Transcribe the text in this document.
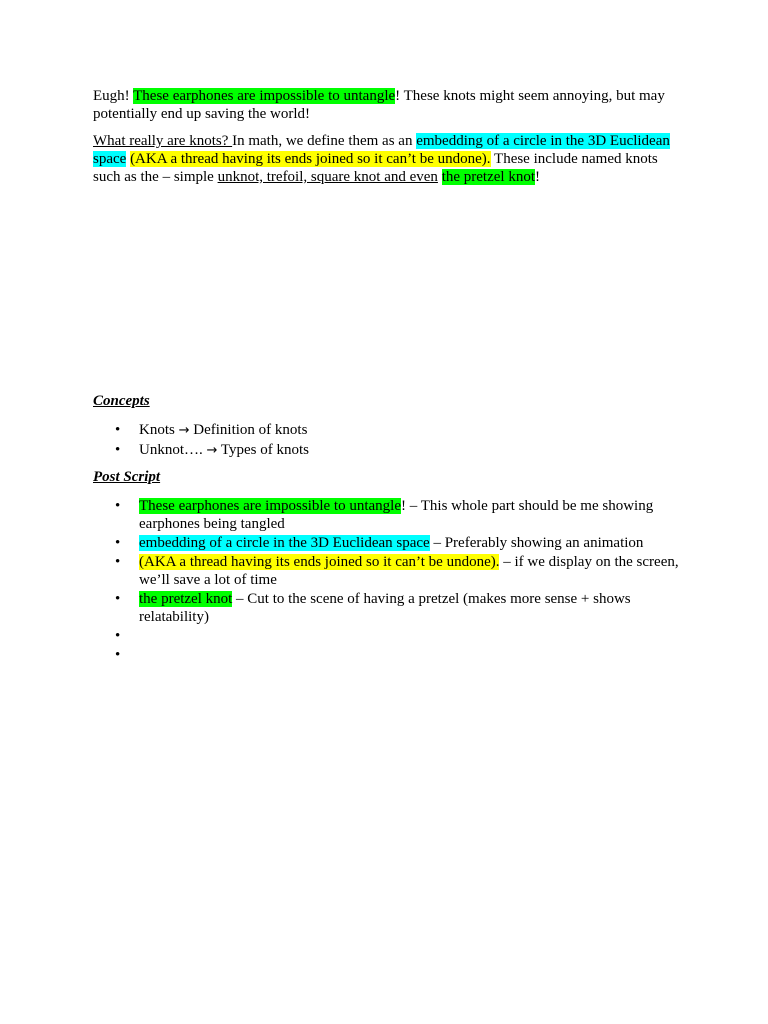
Eugh! These earphones are impossible to untangle! These knots might seem annoying, but may potentially end up saving the world!

What really are knots? In math, we define them as an embedding of a circle in the 3D Euclidean space (AKA a thread having its ends joined so it can’t be undone). These include named knots such as the – simple unknot, trefoil, square knot and even the pretzel knot!

Concepts

• Knots → Definition of knots
• Unknot…. → Types of knots

Post Script

• These earphones are impossible to untangle! – This whole part should be me showing earphones being tangled
• embedding of a circle in the 3D Euclidean space – Preferably showing an animation
• (AKA a thread having its ends joined so it can’t be undone). – if we display on the screen, we’ll save a lot of time
• the pretzel knot – Cut to the scene of having a pretzel (makes more sense + shows relatability)
•

•
